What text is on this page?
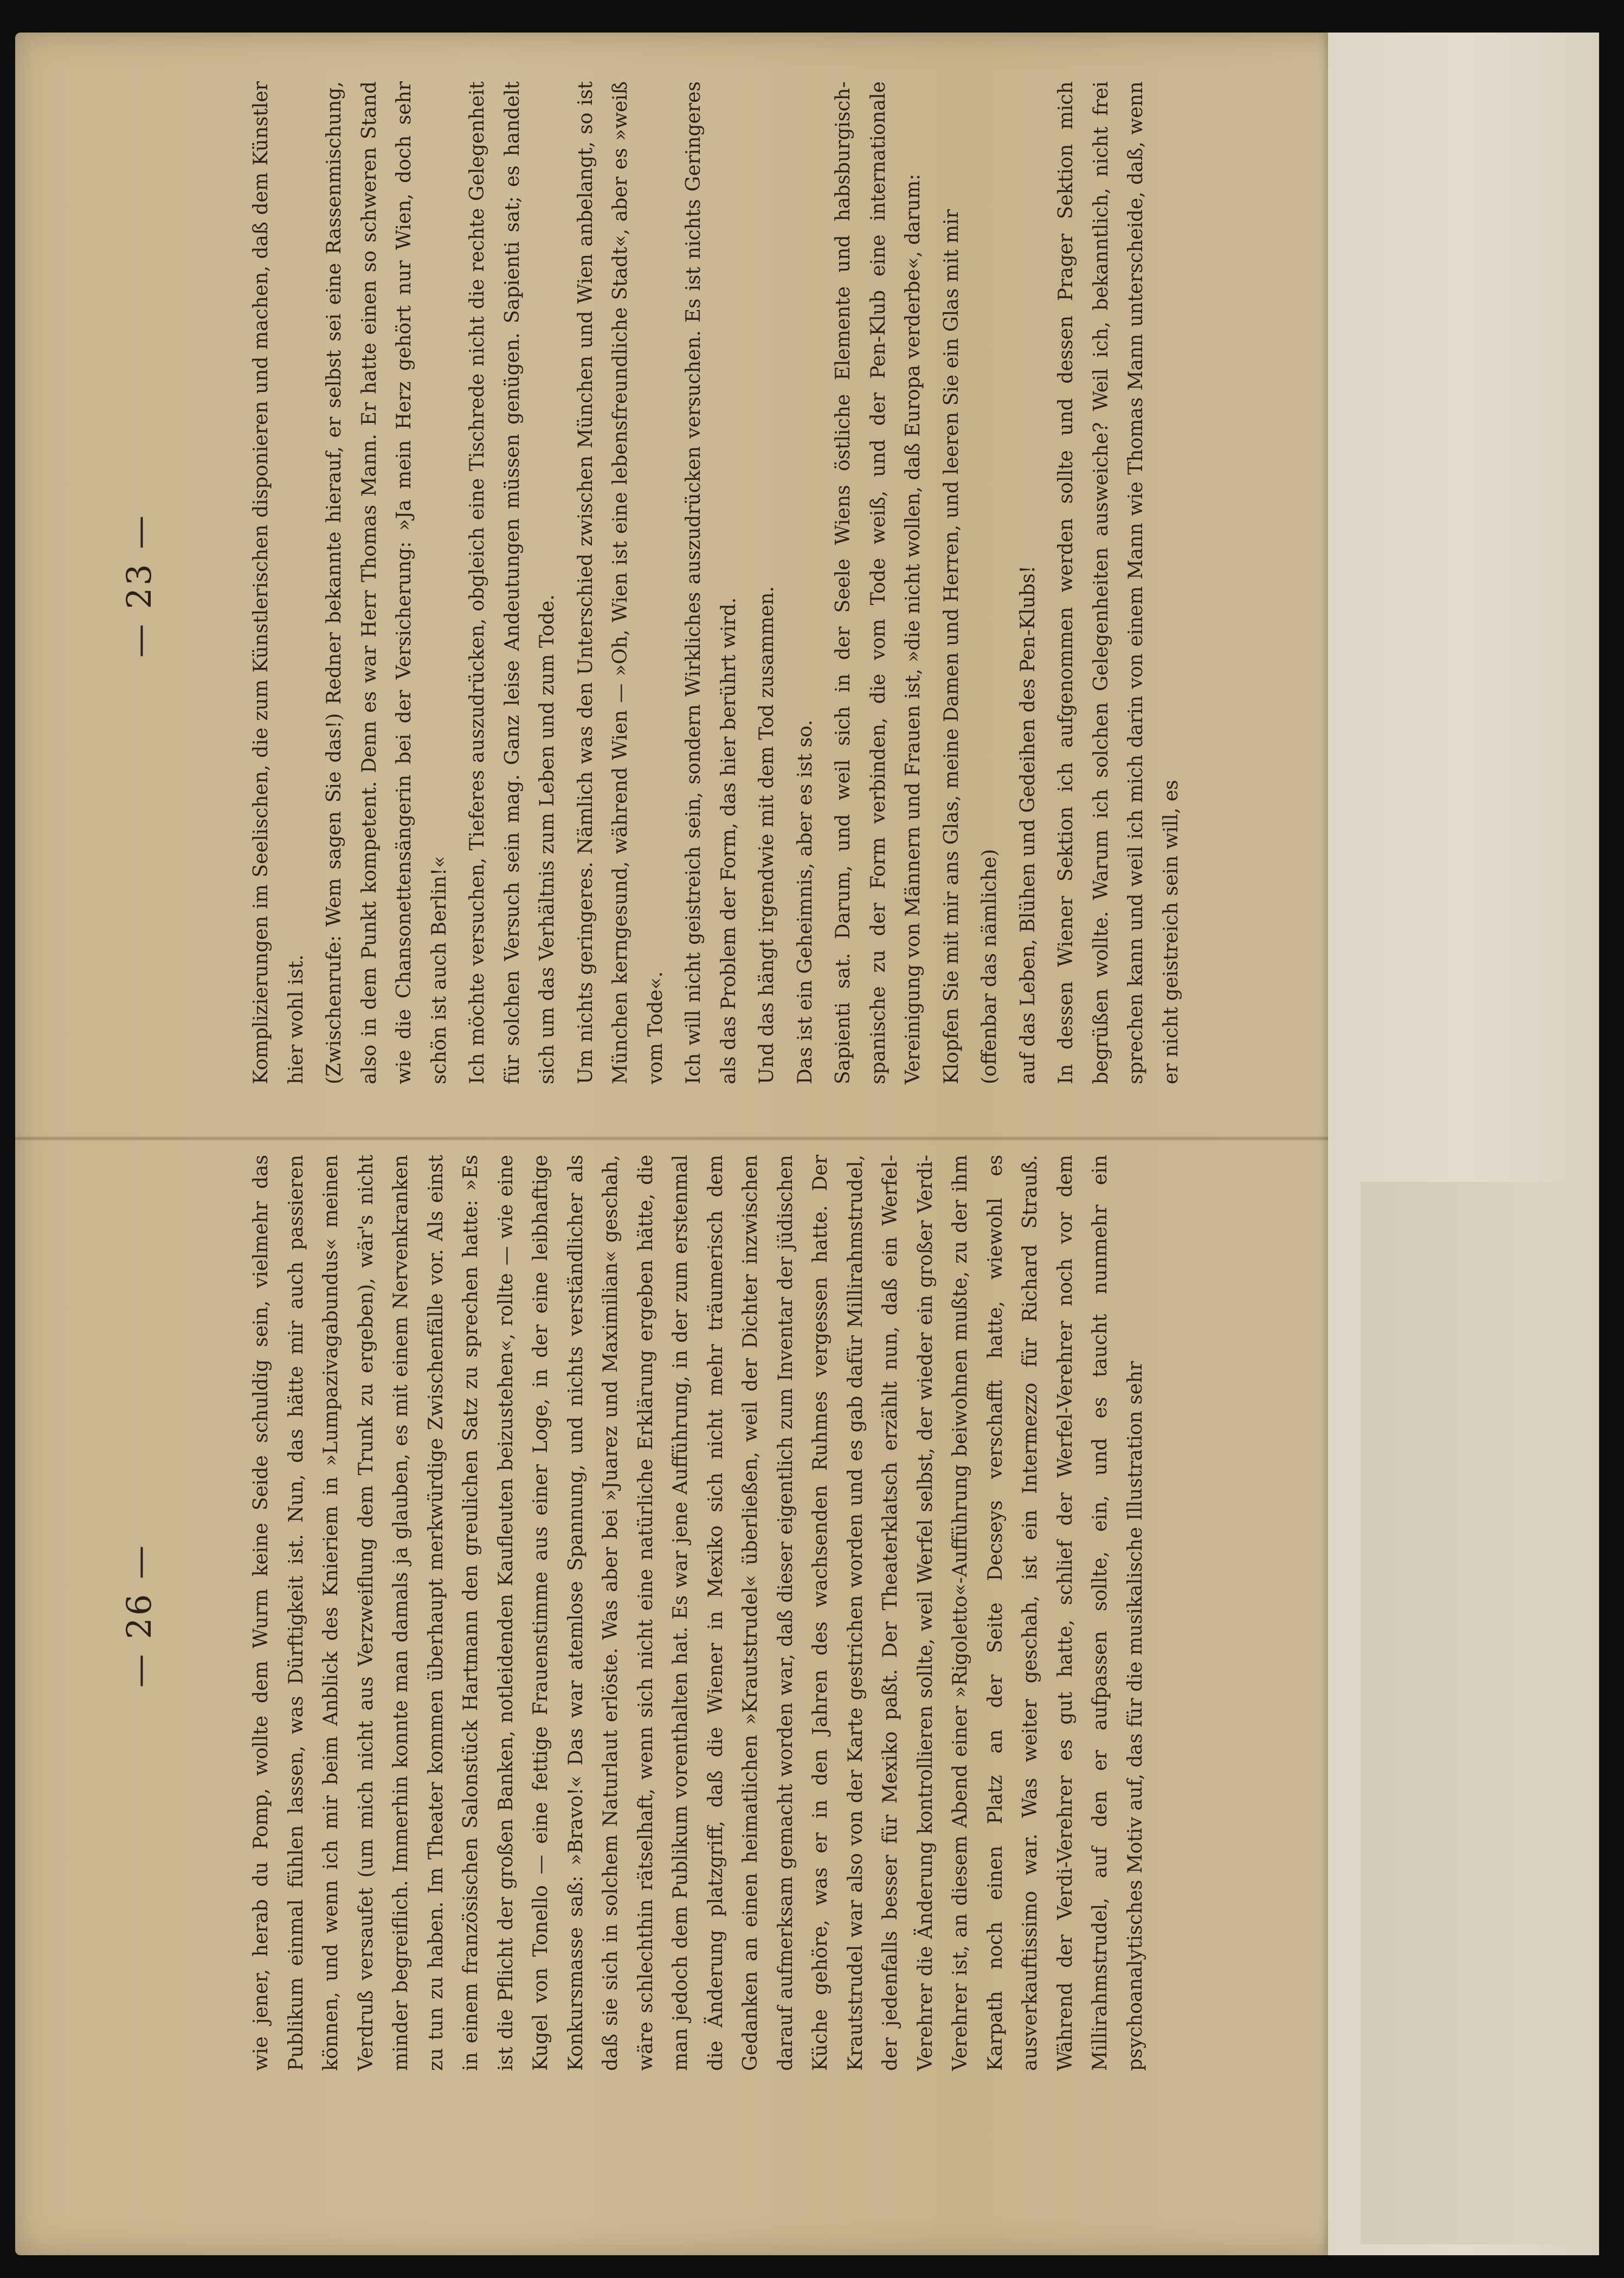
— 23 —	Komplizierungen im Seelischen, die zum Künstlerischen disponieren und machen, daß dem Künstler hier wohl ist. (Zwischenrufe: Wem sagen Sie das!) Redner bekannte hierauf, er selbst sei eine Rassenmischung, also in dem Punkt kompetent. Denn es war Herr Thomas Mann. Er hatte einen so schweren Stand wie die Chansonettensängerin bei der Versicherung: »Ja mein Herz gehört nur Wien, doch sehr schön ist auch Berlin!« Ich möchte versuchen, Tieferes auszudrücken, obgleich eine Tischrede nicht die rechte Gelegenheit für solchen Versuch sein mag. Ganz leise Andeutungen müssen genügen. Sapienti sat; es handelt sich um das Verhältnis zum Leben und zum Tode. Um nichts geringeres. Nämlich was den Unterschied zwischen München und Wien anbelangt, so ist München kerngesund, während Wien — »Oh, Wien ist eine lebensfreundliche Stadt«, aber es »weiß vom Tode«. Ich will nicht geistreich sein, sondern Wirkliches auszudrücken versuchen. Es ist nichts Geringeres als das Problem der Form, das hier berührt wird. Und das hängt irgendwie mit dem Tod zusammen. Das ist ein Geheimnis, aber es ist so. Sapienti sat. Darum, und weil sich in der Seele Wiens östliche Elemente und habsburgisch-spanische zu der Form verbinden, die vom Tode weiß, und der Pen-Klub eine internationale Vereinigung von Männern und Frauen ist, »die nicht wollen, daß Europa verderbe«, darum: Klopfen Sie mit mir ans Glas, meine Damen und Herren, und leeren Sie ein Glas mit mir (offenbar das nämliche) auf das Leben, Blühen und Gedeihen des Pen-Klubs! In dessen Wiener Sektion ich aufgenommen werden sollte und dessen Prager Sektion mich begrüßen wollte. Warum ich solchen Gelegenheiten ausweiche? Weil ich, bekanntlich, nicht frei sprechen kann und weil ich mich darin von einem Mann wie Thomas Mann unterscheide, daß, wenn er nicht geistreich sein will, es

— 26 —	wie jener, herab du Pomp, wollte dem Wurm keine Seide schuldig sein, vielmehr das Publikum einmal fühlen lassen, was Dürftigkeit ist. Nun, das hätte mir auch passieren können, und wenn ich mir beim Anblick des Knieriem in »Lumpazivagabundus« meinen Verdruß versaufet (um mich nicht aus Verzweiflung dem Trunk zu ergeben), wär's nicht minder begreiflich. Immerhin konnte man damals ja glauben, es mit einem Nervenkranken zu tun zu haben. Im Theater kommen überhaupt merkwürdige Zwischenfälle vor. Als einst in einem französischen Salonstück Hartmann den greulichen Satz zu sprechen hatte: »Es ist die Pflicht der großen Banken, notleidenden Kaufleuten beizustehen«, rollte — wie eine Kugel von Tonello — eine fettige Frauenstimme aus einer Loge, in der eine leibhaftige Konkursmasse saß: »Bravo!« Das war atemlose Spannung, und nichts verständlicher als daß sie sich in solchem Naturlaut erlöste. Was aber bei »Juarez und Maximilian« geschah, wäre schlechthin rätselhaft, wenn sich nicht eine natürliche Erklärung ergeben hätte, die man jedoch dem Publikum vorenthalten hat. Es war jene Aufführung, in der zum erstenmal die Änderung platzgriff, daß die Wiener in Mexiko sich nicht mehr träumerisch dem Gedanken an einen heimatlichen »Krautstrudel« überließen, weil der Dichter inzwischen darauf aufmerksam gemacht worden war, daß dieser eigentlich zum Inventar der jüdischen Küche gehöre, was er in den Jahren des wachsenden Ruhmes vergessen hatte. Der Krautstrudel war also von der Karte gestrichen worden und es gab dafür Millirahmstrudel, der jedenfalls besser für Mexiko paßt. Der Theaterklatsch erzählt nun, daß ein Werfel-Verehrer die Änderung kontrollieren sollte, weil Werfel selbst, der wieder ein großer Verdi-Verehrer ist, an diesem Abend einer »Rigoletto«-Aufführung beiwohnen mußte, zu der ihm Karpath noch einen Platz an der Seite Decseys verschafft hatte, wiewohl es ausverkauftissimo war. Was weiter geschah, ist ein Intermezzo für Richard Strauß. Während der Verdi-Verehrer es gut hatte, schlief der Werfel-Verehrer noch vor dem Millirahmstrudel, auf den er aufpassen sollte, ein, und es taucht nunmehr ein psychoanalytisches Motiv auf, das für die musikalische Illustration sehr
